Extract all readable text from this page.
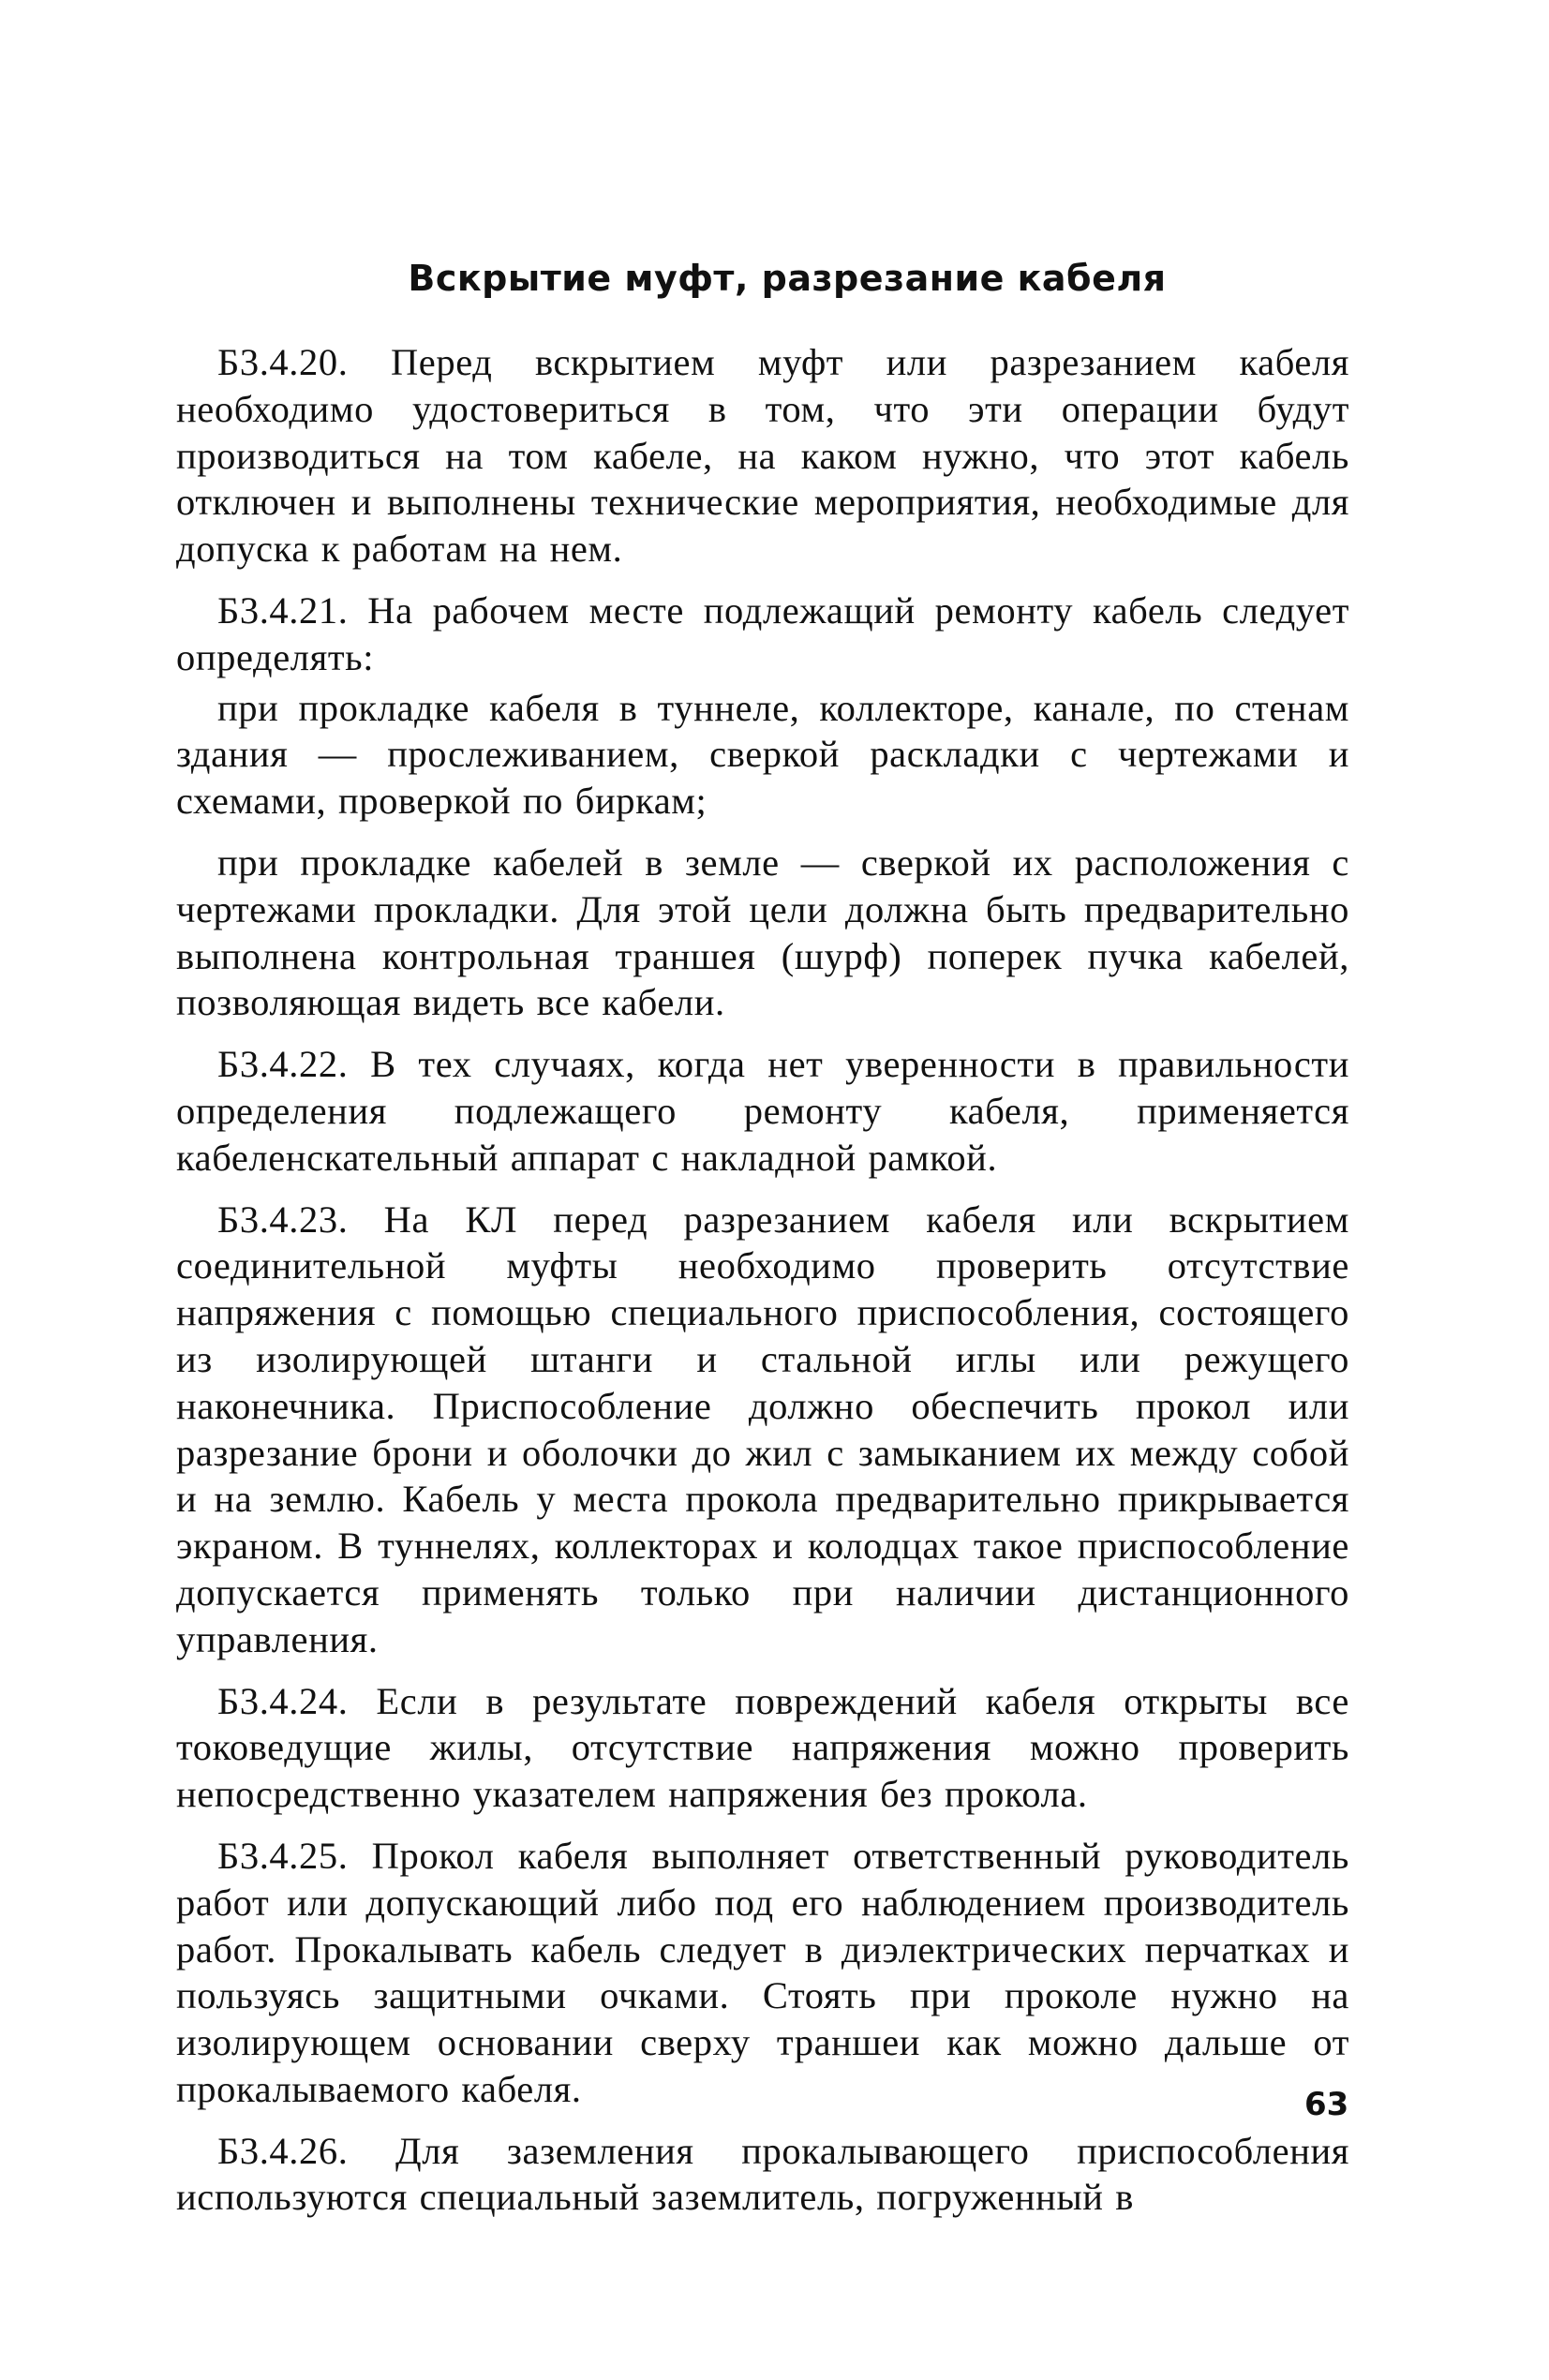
Вскрытие муфт, разрезание кабеля

Б3.4.20. Перед вскрытием муфт или разрезанием кабеля необходимо удостовериться в том, что эти операции будут производиться на том кабеле, на каком нужно, что этот кабель отключен и выполнены технические мероприятия, необходимые для допуска к работам на нем.

Б3.4.21. На рабочем месте подлежащий ремонту кабель следует определять:

при прокладке кабеля в туннеле, коллекторе, канале, по стенам здания — прослеживанием, сверкой раскладки с чертежами и схемами, проверкой по биркам;

при прокладке кабелей в земле — сверкой их расположения с чертежами прокладки. Для этой цели должна быть предварительно выполнена контрольная траншея (шурф) поперек пучка кабелей, позволяющая видеть все кабели.

Б3.4.22. В тех случаях, когда нет уверенности в правильности определения подлежащего ремонту кабеля, применяется кабеленскательный аппарат с накладной рамкой.

Б3.4.23. На КЛ перед разрезанием кабеля или вскрытием соединительной муфты необходимо проверить отсутствие напряжения с помощью специального приспособления, состоящего из изолирующей штанги и стальной иглы или режущего наконечника. Приспособление должно обеспечить прокол или разрезание брони и оболочки до жил с замыканием их между собой и на землю. Кабель у места прокола предварительно прикрывается экраном. В туннелях, коллекторах и колодцах такое приспособление допускается применять только при наличии дистанционного управления.

Б3.4.24. Если в результате повреждений кабеля открыты все токоведущие жилы, отсутствие напряжения можно проверить непосредственно указателем напряжения без прокола.

Б3.4.25. Прокол кабеля выполняет ответственный руководитель работ или допускающий либо под его наблюдением производитель работ. Прокалывать кабель следует в диэлектрических перчатках и пользуясь защитными очками. Стоять при проколе нужно на изолирующем основании сверху траншеи как можно дальше от прокалываемого кабеля.

Б3.4.26. Для заземления прокалывающего приспособления используются специальный заземлитель, погруженный в

63
